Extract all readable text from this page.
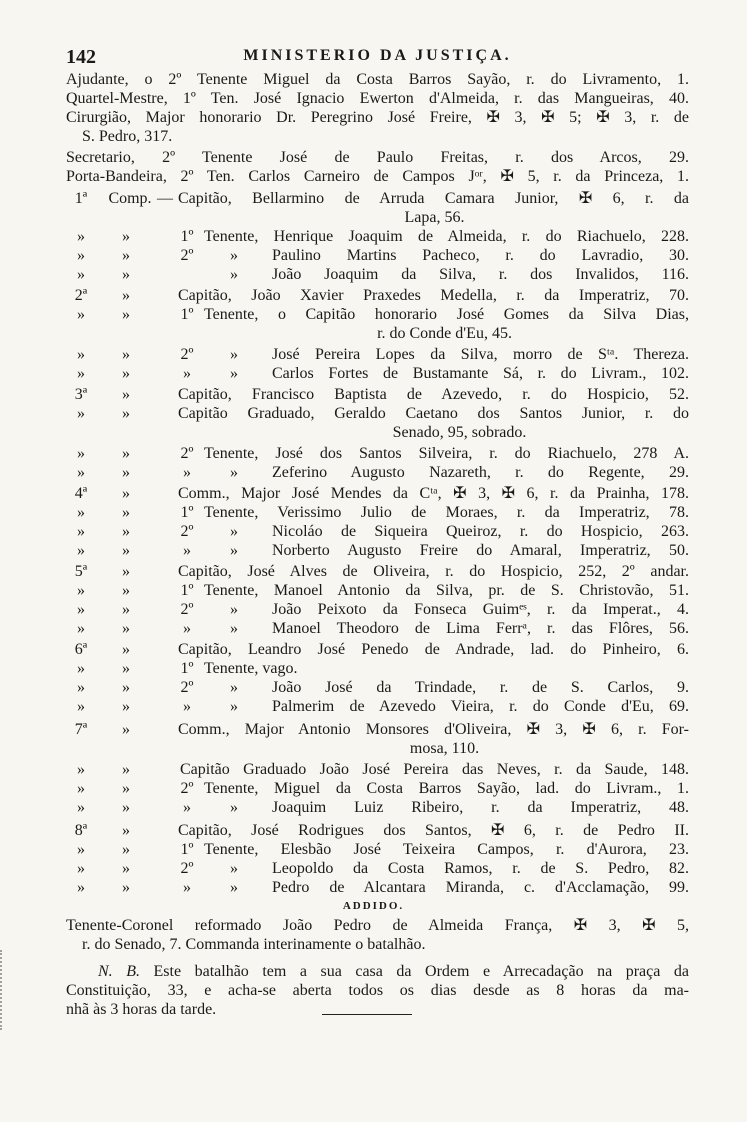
142	MINISTERIO DA JUSTIÇA.
Ajudante, o 2º Tenente Miguel da Costa Barros Sayão, r. do Livramento, 1.
Quartel-Mestre, 1º Ten. José Ignacio Ewerton d'Almeida, r. das Mangueiras, 40.
Cirurgião, Major honorario Dr. Peregrino José Freire, ✠ 3, ✠ 5; ✠ 3, r. de
S. Pedro, 317.
Secretario, 2º Tenente José de Paulo Freitas, r. dos Arcos, 29.
Porta-Bandeira, 2º Ten. Carlos Carneiro de Campos Jᵒʳ, ✠ 5, r. da Princeza, 1.
1ª	Comp. — Capitão, Bellarmino de Arruda Camara Junior, ✠ 6, r. da
Lapa, 56.
»	»	1º Tenente, Henrique Joaquim de Almeida, r. do Riachuelo, 228.
»	»	2º	»	Paulino Martins Pacheco, r. do Lavradio, 30.
»	»	»	João Joaquim da Silva, r. dos Invalidos, 116.
2ª	»	Capitão, João Xavier Praxedes Medella, r. da Imperatriz, 70.
»	»	1º Tenente, o Capitão honorario José Gomes da Silva Dias,
r. do Conde d'Eu, 45.
»	»	2º	»	José Pereira Lopes da Silva, morro de Sᵗᵃ. Thereza.
»	»	»	»	Carlos Fortes de Bustamante Sá, r. do Livram., 102.
3ª	»	Capitão, Francisco Baptista de Azevedo, r. do Hospicio, 52.
»	»	Capitão Graduado, Geraldo Caetano dos Santos Junior, r. do
Senado, 95, sobrado.
»	»	2º Tenente, José dos Santos Silveira, r. do Riachuelo, 278 A.
»	»	»	»	Zeferino Augusto Nazareth, r. do Regente, 29.
4ª	»	Comm., Major José Mendes da Cᵗᵃ, ✠ 3, ✠ 6, r. da Prainha, 178.
»	»	1º Tenente, Verissimo Julio de Moraes, r. da Imperatriz, 78.
»	»	2º	»	Nicoláo de Siqueira Queiroz, r. do Hospicio, 263.
»	»	»	»	Norberto Augusto Freire do Amaral, Imperatriz, 50.
5ª	»	Capitão, José Alves de Oliveira, r. do Hospicio, 252, 2º andar.
»	»	1º Tenente, Manoel Antonio da Silva, pr. de S. Christovão, 51.
»	»	2º	»	João Peixoto da Fonseca Guimᵉˢ, r. da Imperat., 4.
»	»	»	»	Manoel Theodoro de Lima Ferrᵃ, r. das Flôres, 56.
6ª	»	Capitão, Leandro José Penedo de Andrade, lad. do Pinheiro, 6.
»	»	1º Tenente, vago.
»	»	2º	»	João José da Trindade, r. de S. Carlos, 9.
»	»	»	»	Palmerim de Azevedo Vieira, r. do Conde d'Eu, 69.
7ª	»	Comm., Major Antonio Monsores d'Oliveira, ✠ 3, ✠ 6, r. For-
mosa, 110.
»	»	Capitão Graduado João José Pereira das Neves, r. da Saude, 148.
»	»	2º Tenente, Miguel da Costa Barros Sayão, lad. do Livram., 1.
»	»	»	»	Joaquim Luiz Ribeiro, r. da Imperatriz, 48.
8ª	»	Capitão, José Rodrigues dos Santos, ✠ 6, r. de Pedro II.
»	»	1º Tenente, Elesbão José Teixeira Campos, r. d'Aurora, 23.
»	»	2º	»	Leopoldo da Costa Ramos, r. de S. Pedro, 82.
»	»	»	»	Pedro de Alcantara Miranda, c. d'Acclamação, 99.
ADDIDO.
Tenente-Coronel reformado João Pedro de Almeida França, ✠ 3, ✠ 5,
r. do Senado, 7. Commanda interinamente o batalhão.
N. B. Este batalhão tem a sua casa da Ordem e Arrecadação na praça da
Constituição, 33, e acha-se aberta todos os dias desde as 8 horas da ma-
nhã às 3 horas da tarde.
